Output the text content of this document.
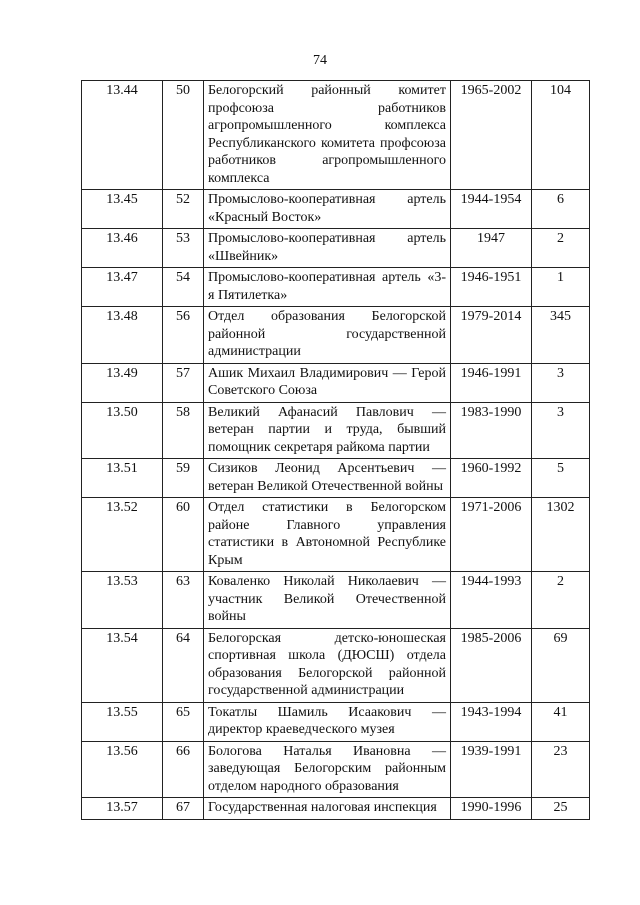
74
13.44	50	Белогорский районный комитет профсоюза работников агропромышленного комплекса Республиканского комитета профсоюза работников агропромышленного комплекса	1965-2002	104
13.45	52	Промыслово-кооперативная артель «Красный Восток»	1944-1954	6
13.46	53	Промыслово-кооперативная артель «Швейник»	1947	2
13.47	54	Промыслово-кооперативная артель «3-я Пятилетка»	1946-1951	1
13.48	56	Отдел образования Белогорской районной государственной администрации	1979-2014	345
13.49	57	Ашик Михаил Владимирович — Герой Советского Союза	1946-1991	3
13.50	58	Великий Афанасий Павлович — ветеран партии и труда, бывший помощник секретаря райкома партии	1983-1990	3
13.51	59	Сизиков Леонид Арсентьевич — ветеран Великой Отечественной войны	1960-1992	5
13.52	60	Отдел статистики в Белогорском районе Главного управления статистики в Автономной Республике Крым	1971-2006	1302
13.53	63	Коваленко Николай Николаевич — участник Великой Отечественной войны	1944-1993	2
13.54	64	Белогорская детско-юношеская спортивная школа (ДЮСШ) отдела образования Белогорской районной государственной администрации	1985-2006	69
13.55	65	Токатлы Шамиль Исаакович — директор краеведческого музея	1943-1994	41
13.56	66	Бологова Наталья Ивановна — заведующая Белогорским районным отделом народного образования	1939-1991	23
13.57	67	Государственная налоговая инспекция	1990-1996	25
